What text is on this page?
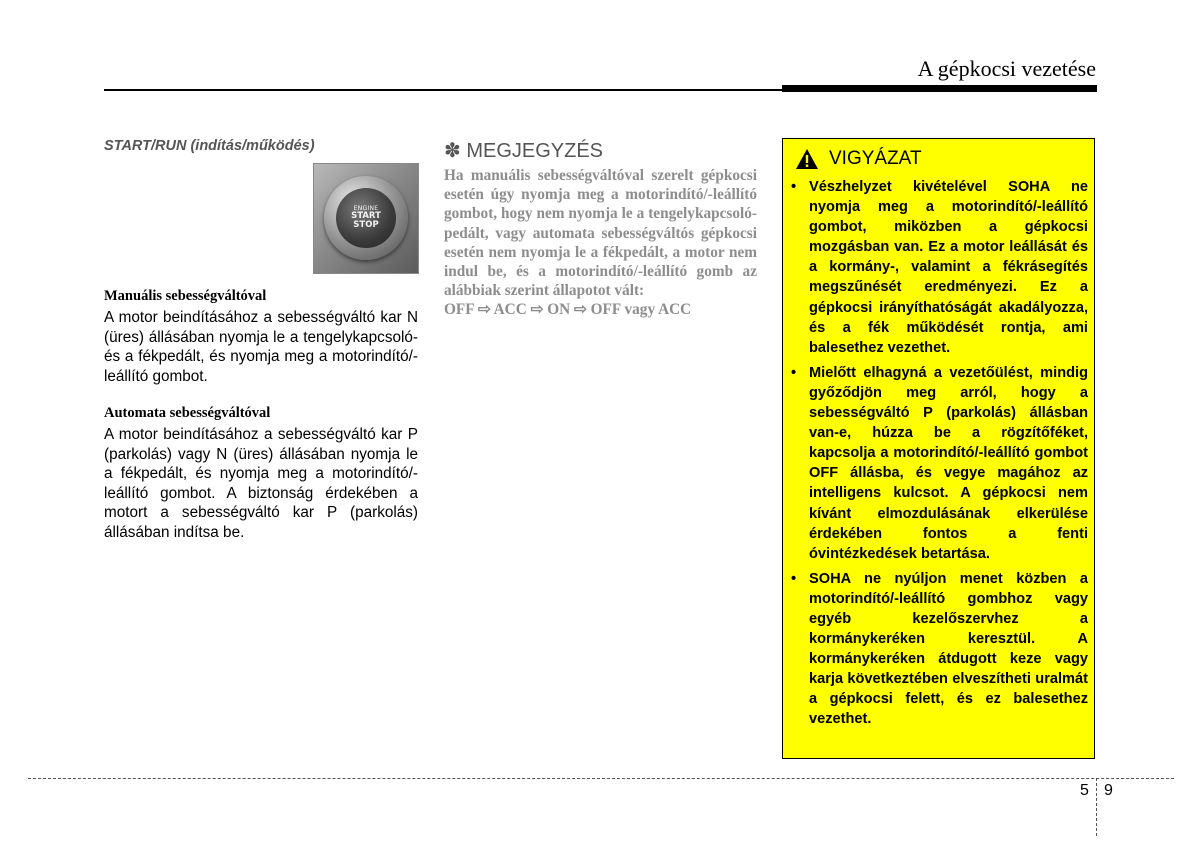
A gépkocsi vezetése
START/RUN (indítás/működés)
ENGINE
START
STOP
Manuális sebességváltóval

A motor beindításához a sebességváltó kar N (üres) állásában nyomja le a tengelykapcsoló- és a fékpedált, és nyomja meg a motorindító/-leállító gombot.

Automata sebességváltóval

A motor beindításához a sebességváltó kar P (parkolás) vagy N (üres) állásában nyomja le a fékpedált, és nyomja meg a motorindító/-leállító gombot. A biztonság érdekében a motort a sebességváltó kar P (parkolás) állásában indítsa be.

✽ MEGJEGYZÉS

Ha manuális sebességváltóval szerelt gépkocsi esetén úgy nyomja meg a motorindító/-leállító gombot, hogy nem nyomja le a tengelykapcsoló-pedált, vagy automata sebességváltós gépkocsi esetén nem nyomja le a fékpedált, a motor nem indul be, és a motorindító/-leállító gomb az alábbiak szerint állapotot vált:

OFF ⇨ ACC ⇨ ON ⇨ OFF vagy ACC
VIGYÁZAT
• Vészhelyzet kivételével SOHA ne nyomja meg a motorindító/-leállító gombot, miközben a gépkocsi mozgásban van. Ez a motor leállását és a kormány-, valamint a fékrásegítés megszűnését eredményezi. Ez a gépkocsi irányíthatóságát akadályozza, és a fék működését rontja, ami balesethez vezethet.
• Mielőtt elhagyná a vezetőülést, mindig győződjön meg arról, hogy a sebességváltó P (parkolás) állásban van-e, húzza be a rögzítőféket, kapcsolja a motorindító/-leállító gombot OFF állásba, és vegye magához az intelligens kulcsot. A gépkocsi nem kívánt elmozdulásának elkerülése érdekében fontos a fenti óvintézkedések betartása.
• SOHA ne nyúljon menet közben a motorindító/-leállító gombhoz vagy egyéb kezelőszervhez a kormánykeréken keresztül. A kormánykeréken átdugott keze vagy karja következtében elveszítheti uralmát a gépkocsi felett, és ez balesethez vezethet.
5 9
